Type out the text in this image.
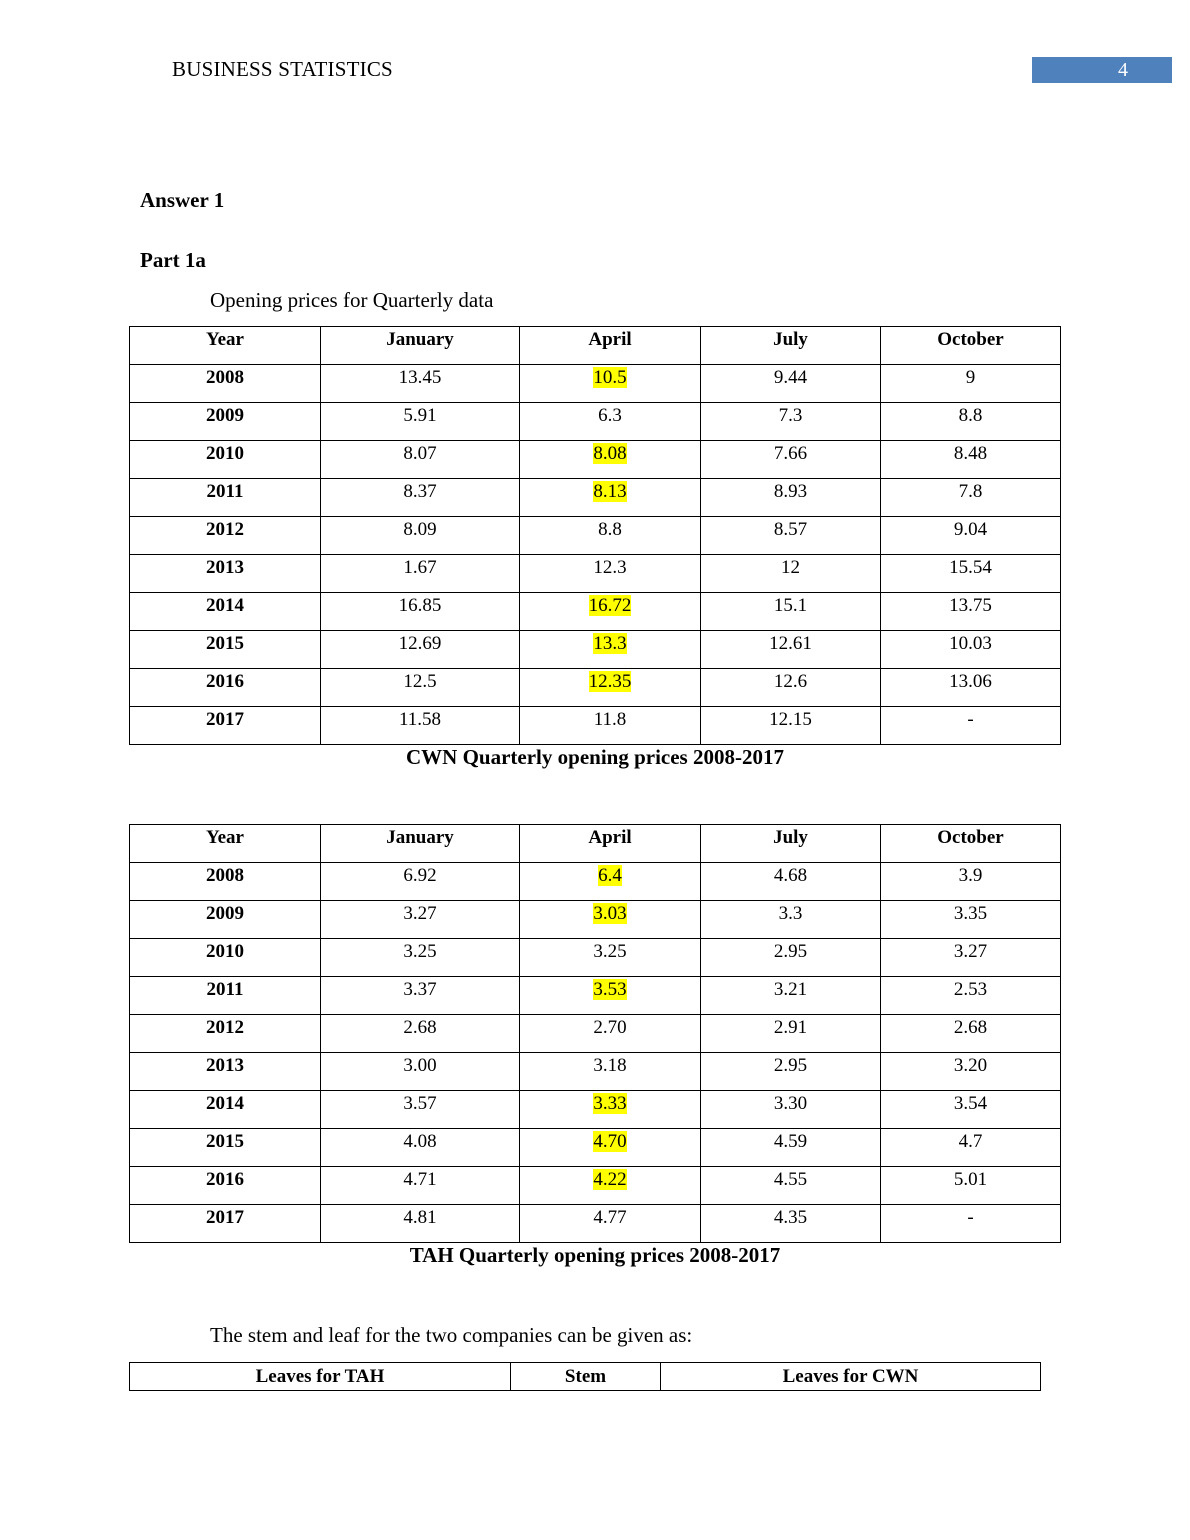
BUSINESS STATISTICS	4
Answer 1
Part 1a
Opening prices for Quarterly data
Year	January	April	July	October
2008	13.45	10.5	9.44	9
2009	5.91	6.3	7.3	8.8
2010	8.07	8.08	7.66	8.48
2011	8.37	8.13	8.93	7.8
2012	8.09	8.8	8.57	9.04
2013	1.67	12.3	12	15.54
2014	16.85	16.72	15.1	13.75
2015	12.69	13.3	12.61	10.03
2016	12.5	12.35	12.6	13.06
2017	11.58	11.8	12.15	-
CWN Quarterly opening prices 2008-2017
Year	January	April	July	October
2008	6.92	6.4	4.68	3.9
2009	3.27	3.03	3.3	3.35
2010	3.25	3.25	2.95	3.27
2011	3.37	3.53	3.21	2.53
2012	2.68	2.70	2.91	2.68
2013	3.00	3.18	2.95	3.20
2014	3.57	3.33	3.30	3.54
2015	4.08	4.70	4.59	4.7
2016	4.71	4.22	4.55	5.01
2017	4.81	4.77	4.35	-
TAH Quarterly opening prices 2008-2017
The stem and leaf for the two companies can be given as:
Leaves for TAH	Stem	Leaves for CWN
